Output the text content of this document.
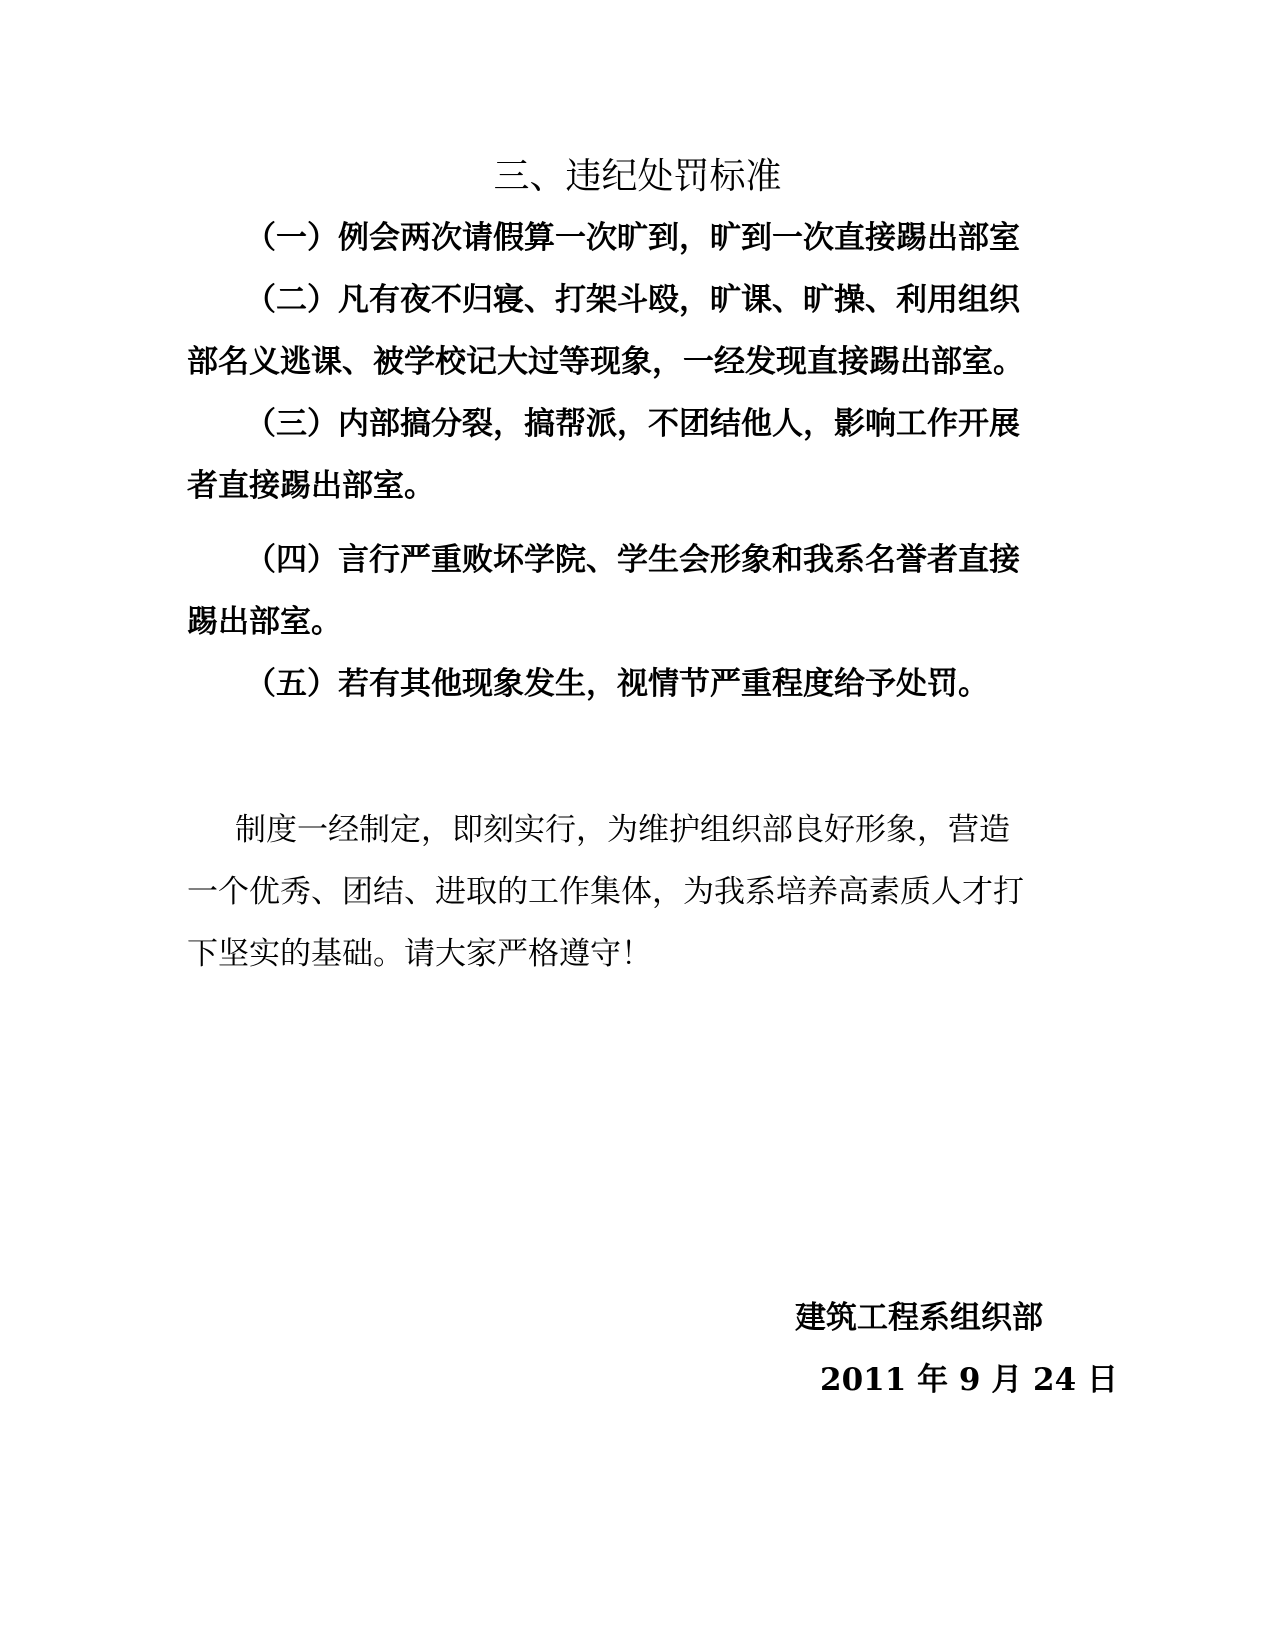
三、违纪处罚标准
（一）例会两次请假算一次旷到，旷到一次直接踢出部室
（二）凡有夜不归寝、打架斗殴，旷课、旷操、利用组织
部名义逃课、被学校记大过等现象，一经发现直接踢出部室。
（三）内部搞分裂，搞帮派，不团结他人，影响工作开展
者直接踢出部室。
（四）言行严重败坏学院、学生会形象和我系名誉者直接
踢出部室。
（五）若有其他现象发生，视情节严重程度给予处罚。
制度一经制定，即刻实行，为维护组织部良好形象，营造
一个优秀、团结、进取的工作集体，为我系培养高素质人才打
下坚实的基础。请大家严格遵守！
建筑工程系组织部
2011 年 9 月 24 日
